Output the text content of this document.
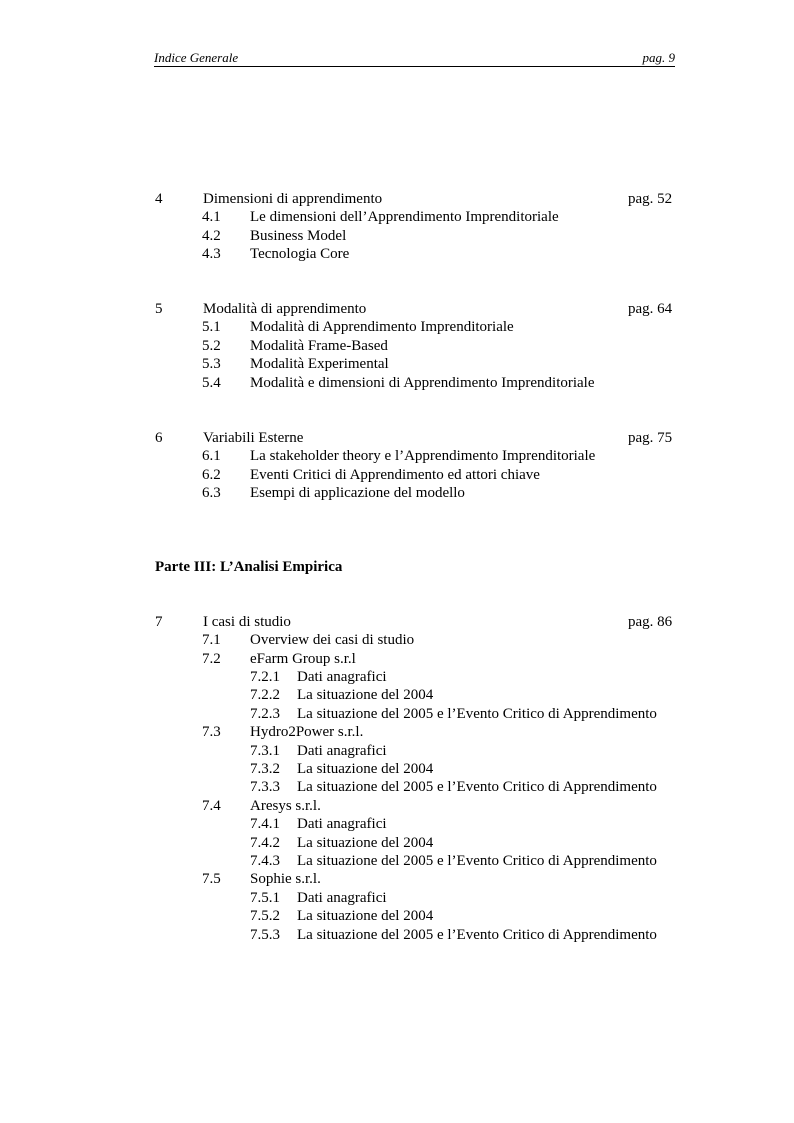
Indice Generale	pag. 9
4	Dimensioni di apprendimento	pag. 52
4.1 Le dimensioni dell’Apprendimento Imprenditoriale
4.2 Business Model
4.3 Tecnologia Core
5	Modalità di apprendimento	pag. 64
5.1 Modalità di Apprendimento Imprenditoriale
5.2 Modalità Frame-Based
5.3 Modalità Experimental
5.4 Modalità e dimensioni di Apprendimento Imprenditoriale
6	Variabili Esterne	pag. 75
6.1 La stakeholder theory e l’Apprendimento Imprenditoriale
6.2 Eventi Critici di Apprendimento ed attori chiave
6.3 Esempi di applicazione del modello
Parte III: L’Analisi Empirica
7	I casi di studio	pag. 86
7.1 Overview dei casi di studio
7.2 eFarm Group s.r.l
7.2.1 Dati anagrafici
7.2.2 La situazione del 2004
7.2.3 La situazione del 2005 e l’Evento Critico di Apprendimento
7.3 Hydro2Power s.r.l.
7.3.1 Dati anagrafici
7.3.2 La situazione del 2004
7.3.3 La situazione del 2005 e l’Evento Critico di Apprendimento
7.4 Aresys s.r.l.
7.4.1 Dati anagrafici
7.4.2 La situazione del 2004
7.4.3 La situazione del 2005 e l’Evento Critico di Apprendimento
7.5 Sophie s.r.l.
7.5.1 Dati anagrafici
7.5.2 La situazione del 2004
7.5.3 La situazione del 2005 e l’Evento Critico di Apprendimento
